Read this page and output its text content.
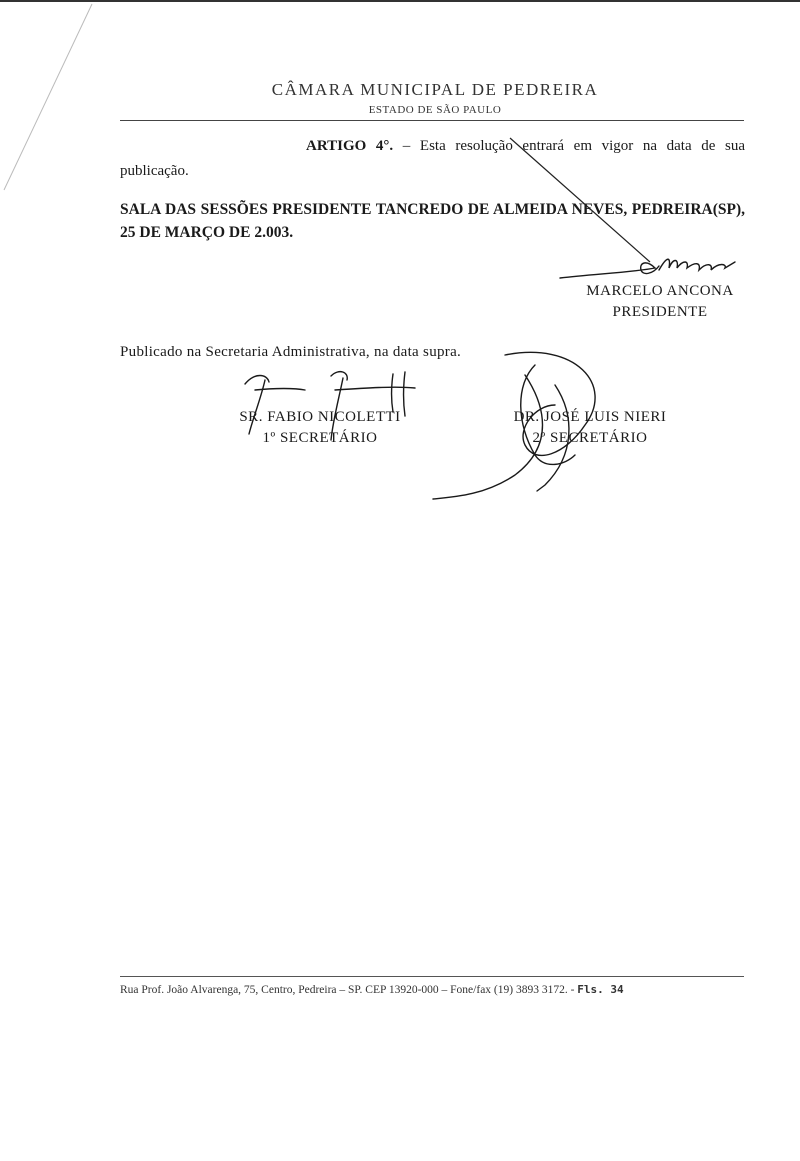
CÂMARA MUNICIPAL DE PEDREIRA
ESTADO DE SÃO PAULO
ARTIGO 4°. – Esta resolução entrará em vigor na data de sua publicação.
SALA DAS SESSÕES PRESIDENTE TANCREDO DE ALMEIDA NEVES, PEDREIRA(SP), 25 DE MARÇO DE 2.003.
MARCELO ANCONA
PRESIDENTE
Publicado na Secretaria Administrativa, na data supra.
SR. FABIO NICOLETTI
1º SECRETÁRIO
DR. JOSÉ LUIS NIERI
2º SECRETÁRIO
Rua Prof. João Alvarenga, 75, Centro, Pedreira – SP. CEP 13920-000 – Fone/fax (19) 3893 3172. - Fls. 34
